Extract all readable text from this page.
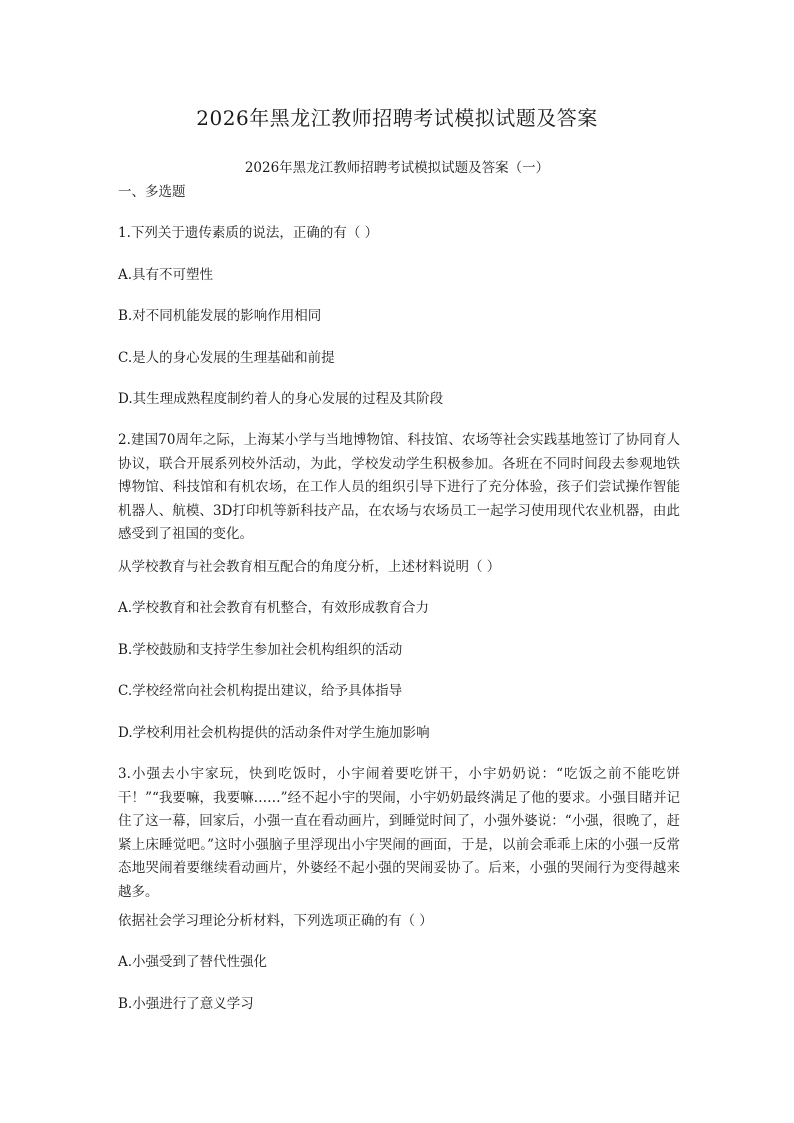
2026年黑龙江教师招聘考试模拟试题及答案
2026年黑龙江教师招聘考试模拟试题及答案（一）
一、多选题
1.下列关于遗传素质的说法，正确的有（ ）
A.具有不可塑性
B.对不同机能发展的影响作用相同
C.是人的身心发展的生理基础和前提
D.其生理成熟程度制约着人的身心发展的过程及其阶段
2.建国70周年之际，上海某小学与当地博物馆、科技馆、农场等社会实践基地签订了协同育人协议，联合开展系列校外活动，为此，学校发动学生积极参加。各班在不同时间段去参观地铁博物馆、科技馆和有机农场，在工作人员的组织引导下进行了充分体验，孩子们尝试操作智能机器人、航模、3D打印机等新科技产品，在农场与农场员工一起学习使用现代农业机器，由此感受到了祖国的变化。
从学校教育与社会教育相互配合的角度分析，上述材料说明（ ）
A.学校教育和社会教育有机整合，有效形成教育合力
B.学校鼓励和支持学生参加社会机构组织的活动
C.学校经常向社会机构提出建议，给予具体指导
D.学校利用社会机构提供的活动条件对学生施加影响
3.小强去小宇家玩，快到吃饭时，小宇闹着要吃饼干，小宇奶奶说：“吃饭之前不能吃饼干！”“我要嘛，我要嘛……”经不起小宇的哭闹，小宇奶奶最终满足了他的要求。小强目睹并记住了这一幕，回家后，小强一直在看动画片，到睡觉时间了，小强外婆说：“小强，很晚了，赶紧上床睡觉吧。”这时小强脑子里浮现出小宇哭闹的画面，于是，以前会乖乖上床的小强一反常态地哭闹着要继续看动画片，外婆经不起小强的哭闹妥协了。后来，小强的哭闹行为变得越来越多。
依据社会学习理论分析材料，下列选项正确的有（ ）
A.小强受到了替代性强化
B.小强进行了意义学习
